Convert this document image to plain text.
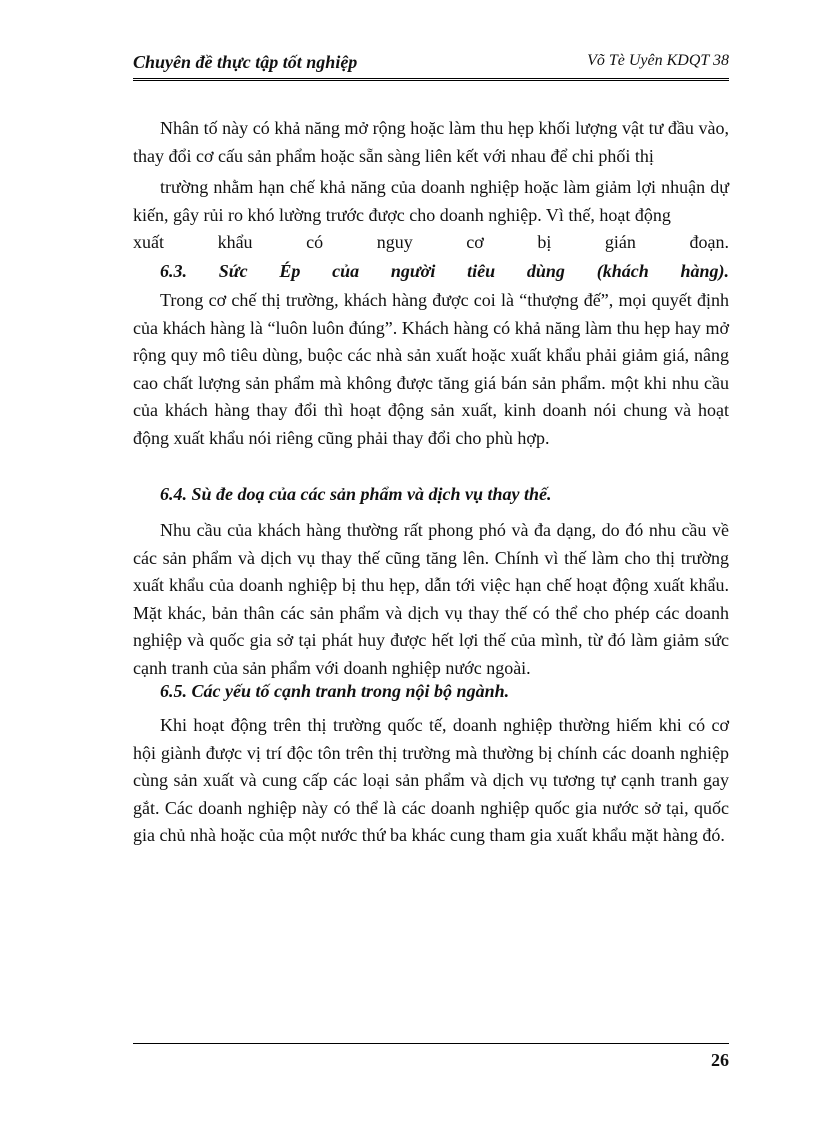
Chuyên đề thực tập tốt nghiệp	Võ Tè Uyên KDQT 38

Nhân tố này có khả năng mở rộng hoặc làm thu hẹp khối lượng vật tư đầu vào, thay đổi cơ cấu sản phẩm hoặc sẵn sàng liên kết với nhau để chi phối thị

trường nhằm hạn chế khả năng của doanh nghiệp hoặc làm giảm lợi nhuận dự kiến, gây rủi ro khó lường trước được cho doanh nghiệp. Vì thế, hoạt động

xuất khẩu có nguy cơ bị gián đoạn.

6.3. Sức Ép của người tiêu dùng (khách hàng).

Trong cơ chế thị trường, khách hàng được coi là “thượng đế”, mọi quyết định của khách hàng là “luôn luôn đúng”. Khách hàng có khả năng làm thu hẹp hay mở rộng quy mô tiêu dùng, buộc các nhà sản xuất hoặc xuất khẩu phải giảm giá, nâng cao chất lượng sản phẩm mà không được tăng giá bán sản phẩm. một khi nhu cầu của khách hàng thay đổi thì hoạt động sản xuất, kinh doanh nói chung và hoạt động xuất khẩu nói riêng cũng phải thay đổi cho phù hợp.

6.4. Sù đe doạ của các sản phẩm và dịch vụ thay thế.

Nhu cầu của khách hàng thường rất phong phó và đa dạng, do đó nhu cầu về các sản phẩm và dịch vụ thay thế cũng tăng lên. Chính vì thế làm cho thị trường xuất khẩu của doanh nghiệp bị thu hẹp, dẫn tới việc hạn chế hoạt động xuất khẩu. Mặt khác, bản thân các sản phẩm và dịch vụ thay thế có thể cho phép các doanh nghiệp và quốc gia sở tại phát huy được hết lợi thế của mình, từ đó làm giảm sức cạnh tranh của sản phẩm với doanh nghiệp nước ngoài.

6.5. Các yếu tố cạnh tranh trong nội bộ ngành.

Khi hoạt động trên thị trường quốc tế, doanh nghiệp thường hiếm khi có cơ hội giành được vị trí độc tôn trên thị trường mà thường bị chính các doanh nghiệp cùng sản xuất và cung cấp các loại sản phẩm và dịch vụ tương tự cạnh tranh gay gắt. Các doanh nghiệp này có thể là các doanh nghiệp quốc gia nước sở tại, quốc gia chủ nhà hoặc của một nước thứ ba khác cung tham gia xuất khẩu mặt hàng đó.

26
